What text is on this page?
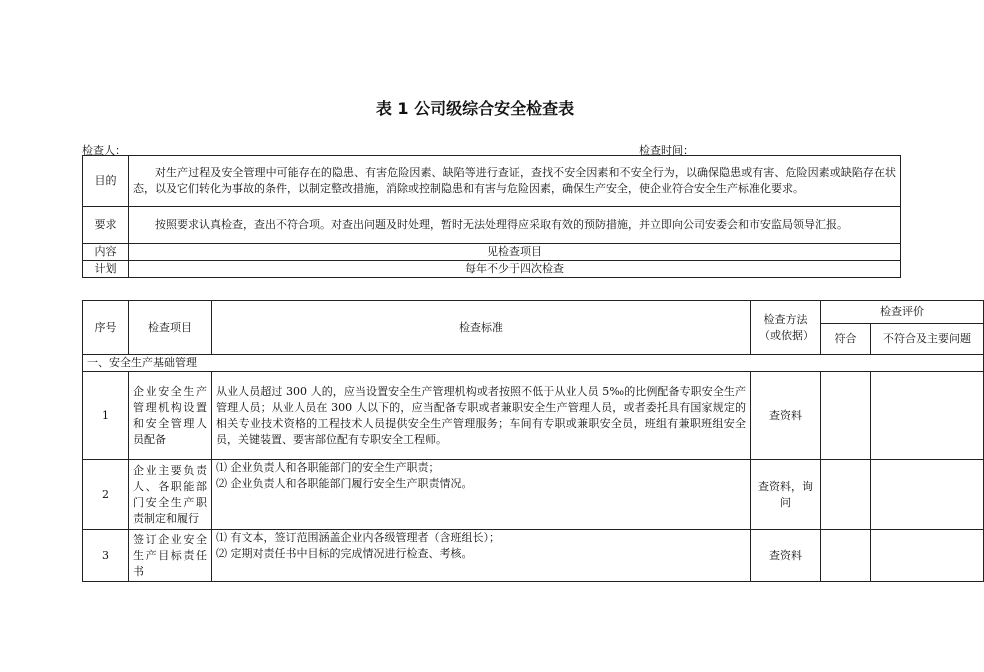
表 1 公司级综合安全检查表
检查人：	检查时间：
目的	对生产过程及安全管理中可能存在的隐患、有害危险因素、缺陷等进行查证，查找不安全因素和不安全行为，以确保隐患或有害、危险因素或缺陷存在状态，以及它们转化为事故的条件，以制定整改措施，消除或控制隐患和有害与危险因素，确保生产安全，使企业符合安全生产标准化要求。
要求	按照要求认真检查，查出不符合项。对查出问题及时处理，暂时无法处理得应采取有效的预防措施，并立即向公司安委会和市安监局领导汇报。
内容	见检查项目
计划	每年不少于四次检查
序号	检查项目	检查标准	检查方法（或依据）	检查评价	
				符合	不符合及主要问题
一、安全生产基础管理					
1	企业安全生产管理机构设置和安全管理人员配备	从业人员超过 300 人的，应当设置安全生产管理机构或者按照不低于从业人员 5‰的比例配备专职安全生产管理人员；从业人员在 300 人以下的，应当配备专职或者兼职安全生产管理人员，或者委托具有国家规定的相关专业技术资格的工程技术人员提供安全生产管理服务；车间有专职或兼职安全员，班组有兼职班组安全员，关键装置、要害部位配有专职安全工程师。	查资料		
2	企业主要负责人、各职能部门安全生产职责制定和履行	⑴ 企业负责人和各职能部门的安全生产职责；
⑵ 企业负责人和各职能部门履行安全生产职责情况。	查资料，询问		
3	签订企业安全生产目标责任书	⑴ 有文本，签订范围涵盖企业内各级管理者（含班组长）；
⑵ 定期对责任书中目标的完成情况进行检查、考核。	查资料		
